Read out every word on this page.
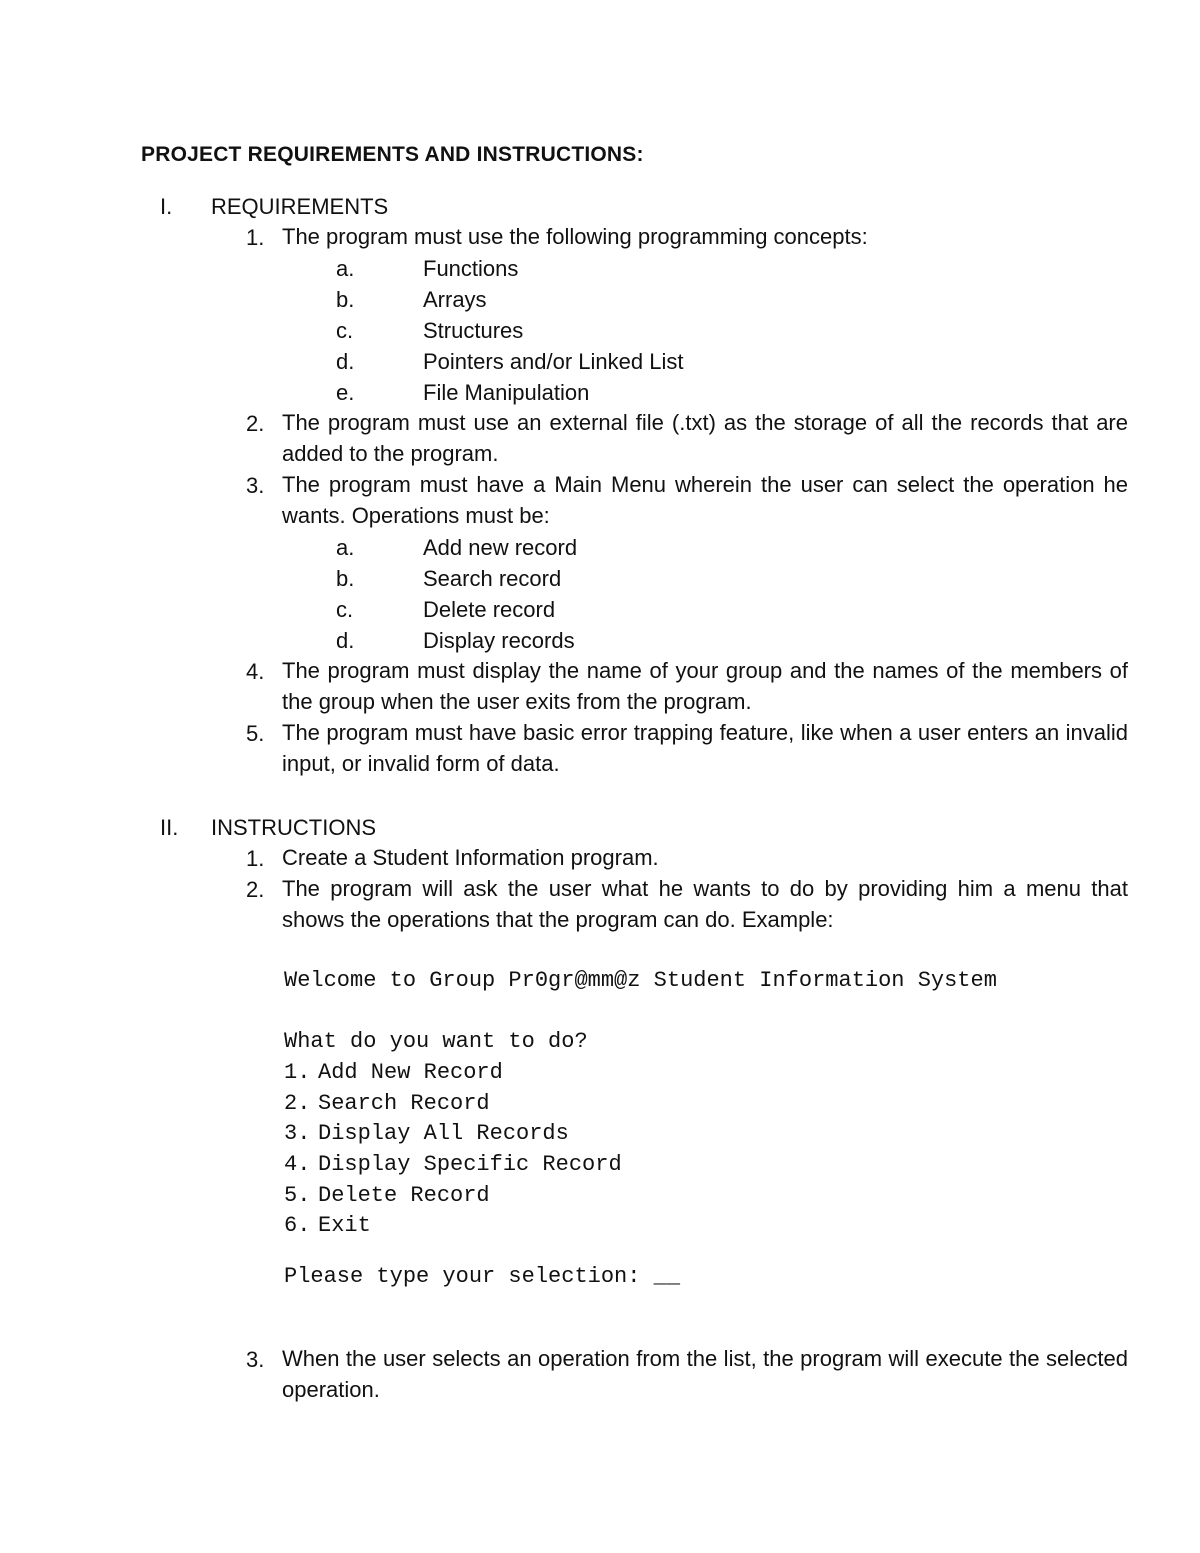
PROJECT REQUIREMENTS AND INSTRUCTIONS:
I. REQUIREMENTS
1. The program must use the following programming concepts:
a.	Functions
b.	Arrays
c.	Structures
d.	Pointers and/or Linked List
e.	File Manipulation
2. The program must use an external file (.txt) as the storage of all the records that are added to the program.
3. The program must have a Main Menu wherein the user can select the operation he wants. Operations must be:
a.	Add new record
b.	Search record
c.	Delete record
d.	Display records
4. The program must display the name of your group and the names of the members of the group when the user exits from the program.
5. The program must have basic error trapping feature, like when a user enters an invalid input, or invalid form of data.
II. INSTRUCTIONS
1. Create a Student Information program.
2. The program will ask the user what he wants to do by providing him a menu that shows the operations that the program can do. Example:
Welcome to Group Pr0gr@mm@z Student Information System
What do you want to do?
1. Add New Record
2. Search Record
3. Display All Records
4. Display Specific Record
5. Delete Record
6. Exit
Please type your selection: __
3. When the user selects an operation from the list, the program will execute the selected operation.
